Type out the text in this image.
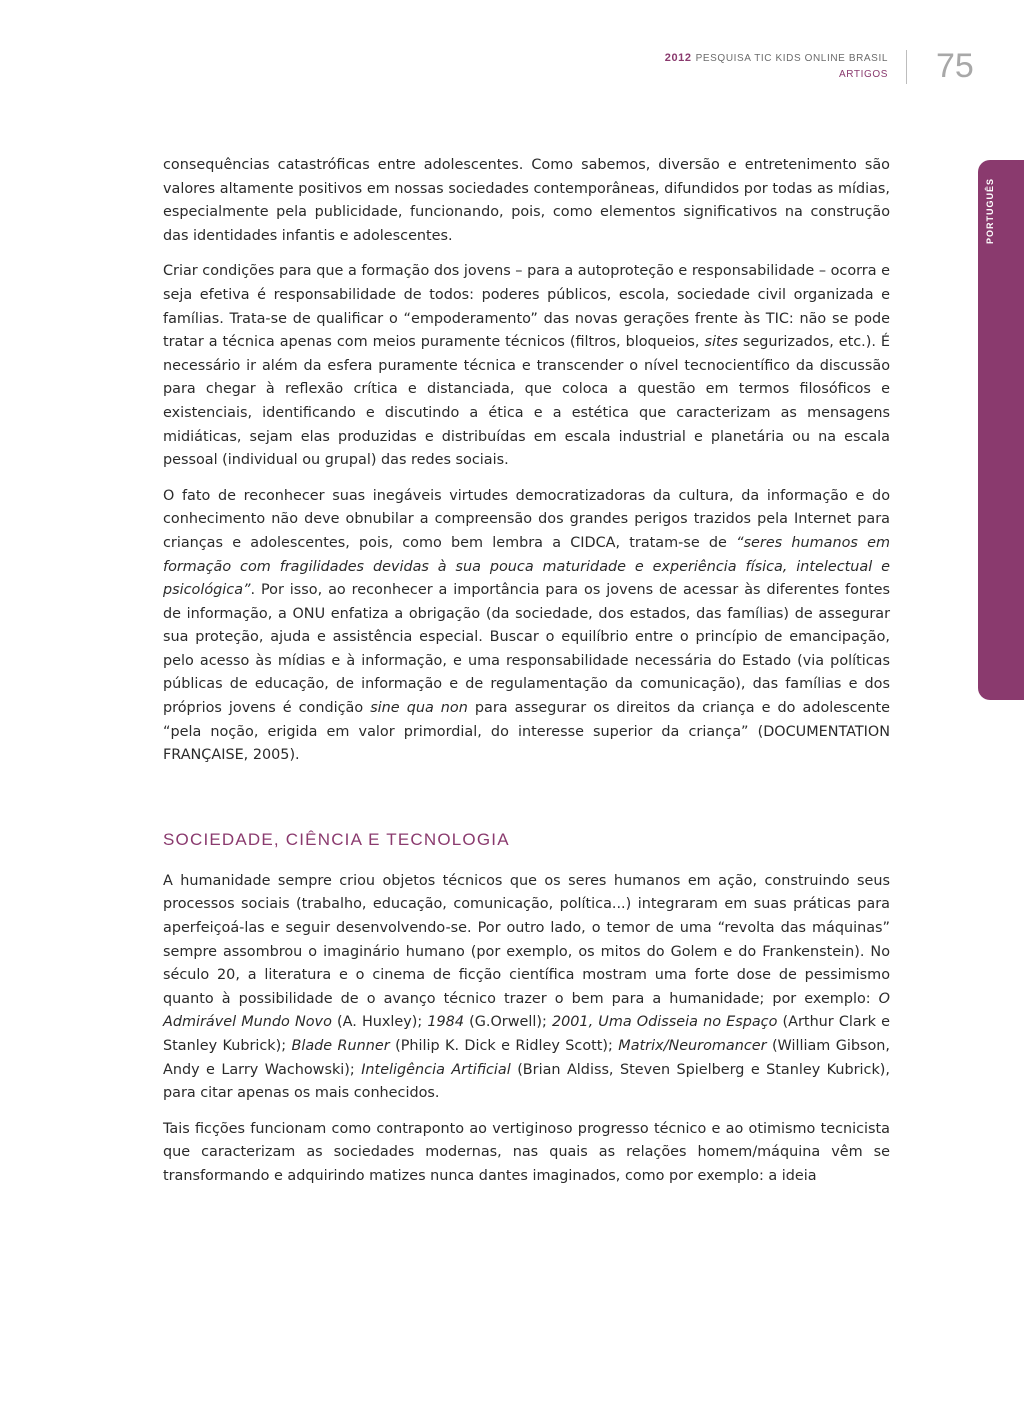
2012 PESQUISA TIC KIDS ONLINE BRASIL
ARTIGOS 75
PORTUGUÊS

consequências catastróficas entre adolescentes. Como sabemos, diversão e entretenimento são valores altamente positivos em nossas sociedades contemporâneas, difundidos por todas as mídias, especialmente pela publicidade, funcionando, pois, como elementos significativos na construção das identidades infantis e adolescentes.

Criar condições para que a formação dos jovens – para a autoproteção e responsabilidade – ocorra e seja efetiva é responsabilidade de todos: poderes públicos, escola, sociedade civil organizada e famílias. Trata-se de qualificar o “empoderamento” das novas gerações frente às TIC: não se pode tratar a técnica apenas com meios puramente técnicos (filtros, bloqueios, sites segurizados, etc.). É necessário ir além da esfera puramente técnica e transcender o nível tecnocientífico da discussão para chegar à reflexão crítica e distanciada, que coloca a questão em termos filosóficos e existenciais, identificando e discutindo a ética e a estética que caracterizam as mensagens midiáticas, sejam elas produzidas e distribuídas em escala industrial e planetária ou na escala pessoal (individual ou grupal) das redes sociais.

O fato de reconhecer suas inegáveis virtudes democratizadoras da cultura, da informação e do conhecimento não deve obnubilar a compreensão dos grandes perigos trazidos pela Internet para crianças e adolescentes, pois, como bem lembra a CIDCA, tratam-se de “seres humanos em formação com fragilidades devidas à sua pouca maturidade e experiência física, intelectual e psicológica”. Por isso, ao reconhecer a importância para os jovens de acessar às diferentes fontes de informação, a ONU enfatiza a obrigação (da sociedade, dos estados, das famílias) de assegurar sua proteção, ajuda e assistência especial. Buscar o equilíbrio entre o princípio de emancipação, pelo acesso às mídias e à informação, e uma responsabilidade necessária do Estado (via políticas públicas de educação, de informação e de regulamentação da comunicação), das famílias e dos próprios jovens é condição sine qua non para assegurar os direitos da criança e do adolescente “pela noção, erigida em valor primordial, do interesse superior da criança” (DOCUMENTATION FRANÇAISE, 2005).

SOCIEDADE, CIÊNCIA E TECNOLOGIA

A humanidade sempre criou objetos técnicos que os seres humanos em ação, construindo seus processos sociais (trabalho, educação, comunicação, política...) integraram em suas práticas para aperfeiçoá-las e seguir desenvolvendo-se. Por outro lado, o temor de uma “revolta das máquinas” sempre assombrou o imaginário humano (por exemplo, os mitos do Golem e do Frankenstein). No século 20, a literatura e o cinema de ficção científica mostram uma forte dose de pessimismo quanto à possibilidade de o avanço técnico trazer o bem para a humanidade; por exemplo: O Admirável Mundo Novo (A. Huxley); 1984 (G.Orwell); 2001, Uma Odisseia no Espaço (Arthur Clark e Stanley Kubrick); Blade Runner (Philip K. Dick e Ridley Scott); Matrix/Neuromancer (William Gibson, Andy e Larry Wachowski); Inteligência Artificial (Brian Aldiss, Steven Spielberg e Stanley Kubrick), para citar apenas os mais conhecidos.

Tais ficções funcionam como contraponto ao vertiginoso progresso técnico e ao otimismo tecnicista que caracterizam as sociedades modernas, nas quais as relações homem/máquina vêm se transformando e adquirindo matizes nunca dantes imaginados, como por exemplo: a ideia
